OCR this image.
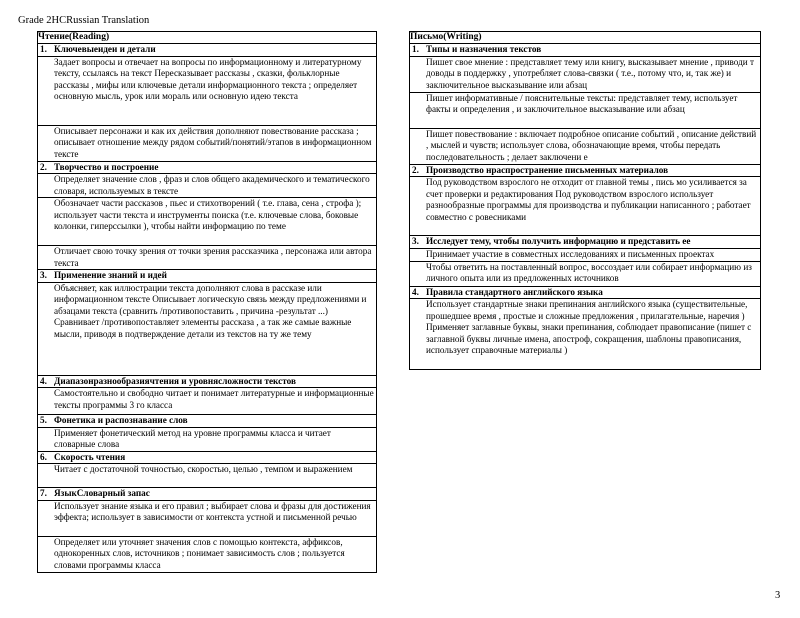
Grade 2HCRussian Translation
Чтение(Reading)
1. Ключевыеидеи и детали
Задает вопросы и отвечает на вопросы по информационному и литературному тексту, ссылаясь на текст Пересказывает рассказы , сказки, фольклорные рассказы , мифы или ключевые детали информационного текста ; определяет основную мысль, урок или мораль или основную идею текста
Описывает персонажи и как их действия дополняют повествование рассказа ; описывает отношение между рядом событий/понятий/этапов в информационном тексте
2. Творчество и построение
Определяет значение слов , фраз и слов общего академического и тематического словаря, используемых в тексте
Обозначает части рассказов , пьес и стихотворений ( т.е. глава, сена , строфа ); использует части текста и инструменты поиска (т.е. ключевые слова, боковые колонки, гиперссылки ), чтобы найти информацию по теме
Отличает свою точку зрения от точки зрения рассказчика , персонажа или автора текста
3. Применение знаний и идей
Объясняет, как иллюстрации текста дополняют слова в рассказе или информационном тексте Описывает логическую связь между предложениями и абзацами текста (сравнить /противопоставить , причина -результат ...) Сравнивает /противопоставляет элементы рассказа , а так же самые важные мысли, приводя в подтверждение детали из текстов на ту же тему
4. Диапазонразнообразиячтения и уровнясложности текстов
Самостоятельно и свободно читает и понимает литературные и информационные тексты программы 3 го класса
5. Фонетика и распознавание слов
Применяет фонетический метод на уровне программы класса и читает словарные слова
6. Скорость чтения
Читает с достаточной точностью, скоростью, целью , темпом и выражением
7. ЯзыкСловарный запас
Использует знание языка и его правил ; выбирает слова и фразы для достижения эффекта; использует в зависимости от контекста устной и письменной речью
Определяет или уточняет значения слов с помощью контекста, аффиксов, однокоренных слов, источников ; понимает зависимость слов ; пользуется словами программы класса
Письмо(Writing)
1. Типы и назначения текстов
Пишет свое мнение : представляет тему или книгу, высказывает мнение , приводи т доводы в поддержку , употребляет слова-связки ( т.е., потому что, и, так же) и заключительное высказывание или абзац
Пишет информативные / пояснительные тексты: представляет тему, использует факты и определения , и заключительное высказывание или абзац
Пишет повествование : включает подробное описание событий , описание действий , мыслей и чувств; использует слова, обозначающие время, чтобы передать последовательность ; делает заключени е
2. Производство нраспространение письменных материалов
Под руководством взрослого не отходит от главной темы , пись мо усиливается за счет проверки и редактирования Под руководством взрослого использует разнообразные программы для производства и публикации написанного ; работает совместно с ровесниками
3. Исследует тему, чтобы получить информацию и представить ее
Принимает участие в совместных исследованиях и письменных проектах
Чтобы ответить на поставленный вопрос, воссоздает или собирает информацию из личного опыта или из предложенных источников
4. Правила стандартного английского языка
Использует стандартные знаки препинания английского языка (существительные, прошедшее время , простые и сложные предложения , прилагательные, наречия ) Применяет заглавные буквы, знаки препинания, соблюдает правописание (пишет с заглавной буквы личные имена, апостроф, сокращения, шаблоны правописания, использует справочные материалы )
3
